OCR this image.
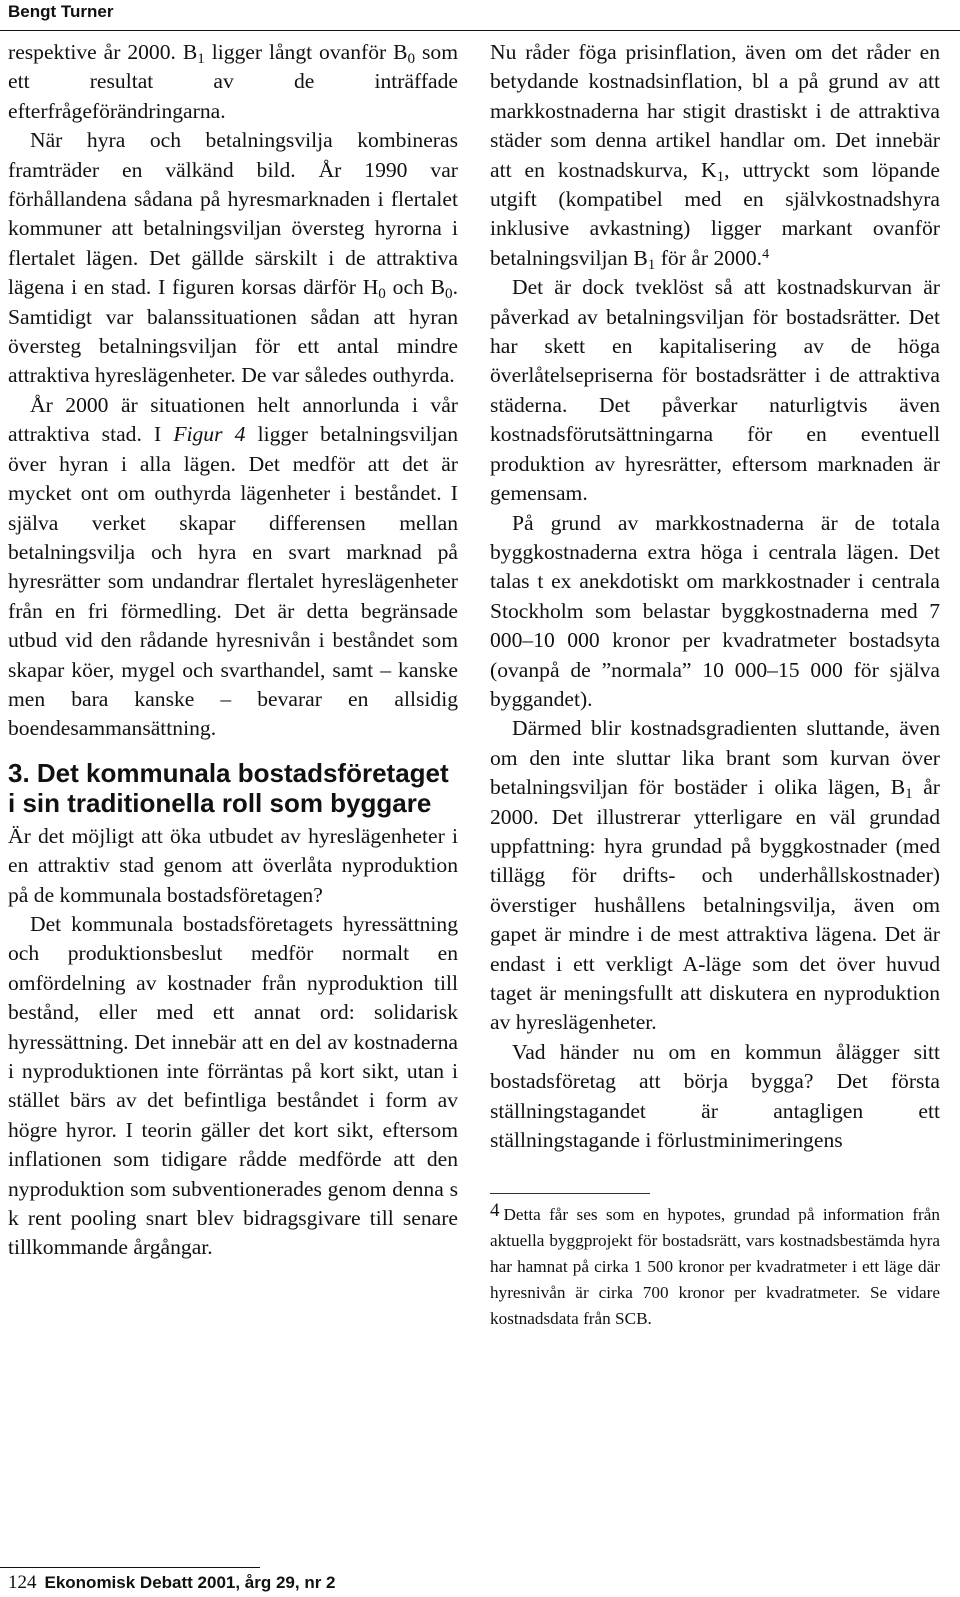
Bengt Turner

respektive år 2000. $B_1$ ligger långt ovanför $B_0$ som ett resultat av de inträffade efterfrågeförändringarna.

När hyra och betalningsvilja kombineras framträder en välkänd bild. År 1990 var förhållandena sådana på hyresmarknaden i flertalet kommuner att betalningsviljan översteg hyrorna i flertalet lägen. Det gällde särskilt i de attraktiva lägena i en stad. I figuren korsas därför $H_0$ och $B_0$. Samtidigt var balanssituationen sådan att hyran översteg betalningsviljan för ett antal mindre attraktiva hyreslägenheter. De var således outhyrda.

År 2000 är situationen helt annorlunda i vår attraktiva stad. I Figur 4 ligger betalningsviljan över hyran i alla lägen. Det medför att det är mycket ont om outhyrda lägenheter i beståndet. I själva verket skapar differensen mellan betalningsvilja och hyra en svart marknad på hyresrätter som undandrar flertalet hyreslägenheter från en fri förmedling. Det är detta begränsade utbud vid den rådande hyresnivån i beståndet som skapar köer, mygel och svarthandel, samt – kanske men bara kanske – bevarar en allsidig boendesammansättning.

3. Det kommunala bostadsföretaget i sin traditionella roll som byggare

Är det möjligt att öka utbudet av hyreslägenheter i en attraktiv stad genom att överlåta nyproduktion på de kommunala bostadsföretagen?

Det kommunala bostadsföretagets hyressättning och produktionsbeslut medför normalt en omfördelning av kostnader från nyproduktion till bestånd, eller med ett annat ord: solidarisk hyressättning. Det innebär att en del av kostnaderna i nyproduktionen inte förräntas på kort sikt, utan i stället bärs av det befintliga beståndet i form av högre hyror. I teorin gäller det kort sikt, eftersom inflationen som tidigare rådde medförde att den nyproduktion som subventionerades genom denna s k rent pooling snart blev bidragsgivare till senare tillkommande årgångar.

Nu råder föga prisinflation, även om det råder en betydande kostnadsinflation, bl a på grund av att markkostnaderna har stigit drastiskt i de attraktiva städer som denna artikel handlar om. Det innebär att en kostnadskurva, $K_1$, uttryckt som löpande utgift (kompatibel med en självkostnadshyra inklusive avkastning) ligger markant ovanför betalningsviljan $B_1$ för år 2000.$^4$

Det är dock tveklöst så att kostnadskurvan är påverkad av betalningsviljan för bostadsrätter. Det har skett en kapitalisering av de höga överlåtelsepriserna för bostadsrätter i de attraktiva städerna. Det påverkar naturligtvis även kostnadsförutsättningarna för en eventuell produktion av hyresrätter, eftersom marknaden är gemensam.

På grund av markkostnaderna är de totala byggkostnaderna extra höga i centrala lägen. Det talas t ex anekdotiskt om markkostnader i centrala Stockholm som belastar byggkostnaderna med 7 000–10 000 kronor per kvadratmeter bostadsyta (ovanpå de ”normala” 10 000–15 000 för själva byggandet).

Därmed blir kostnadsgradienten sluttande, även om den inte sluttar lika brant som kurvan över betalningsviljan för bostäder i olika lägen, $B_1$ år 2000. Det illustrerar ytterligare en väl grundad uppfattning: hyra grundad på byggkostnader (med tillägg för drifts- och underhållskostnader) överstiger hushållens betalningsvilja, även om gapet är mindre i de mest attraktiva lägena. Det är endast i ett verkligt A-läge som det över huvud taget är meningsfullt att diskutera en nyproduktion av hyreslägenheter.

Vad händer nu om en kommun ålägger sitt bostadsföretag att börja bygga? Det första ställningstagandet är antagligen ett ställningstagande i förlustminimeringens

4 Detta får ses som en hypotes, grundad på information från aktuella byggprojekt för bostadsrätt, vars kostnadsbestämda hyra har hamnat på cirka 1 500 kronor per kvadratmeter i ett läge där hyresnivån är cirka 700 kronor per kvadratmeter. Se vidare kostnadsdata från SCB.
124 Ekonomisk Debatt 2001, årg 29, nr 2
